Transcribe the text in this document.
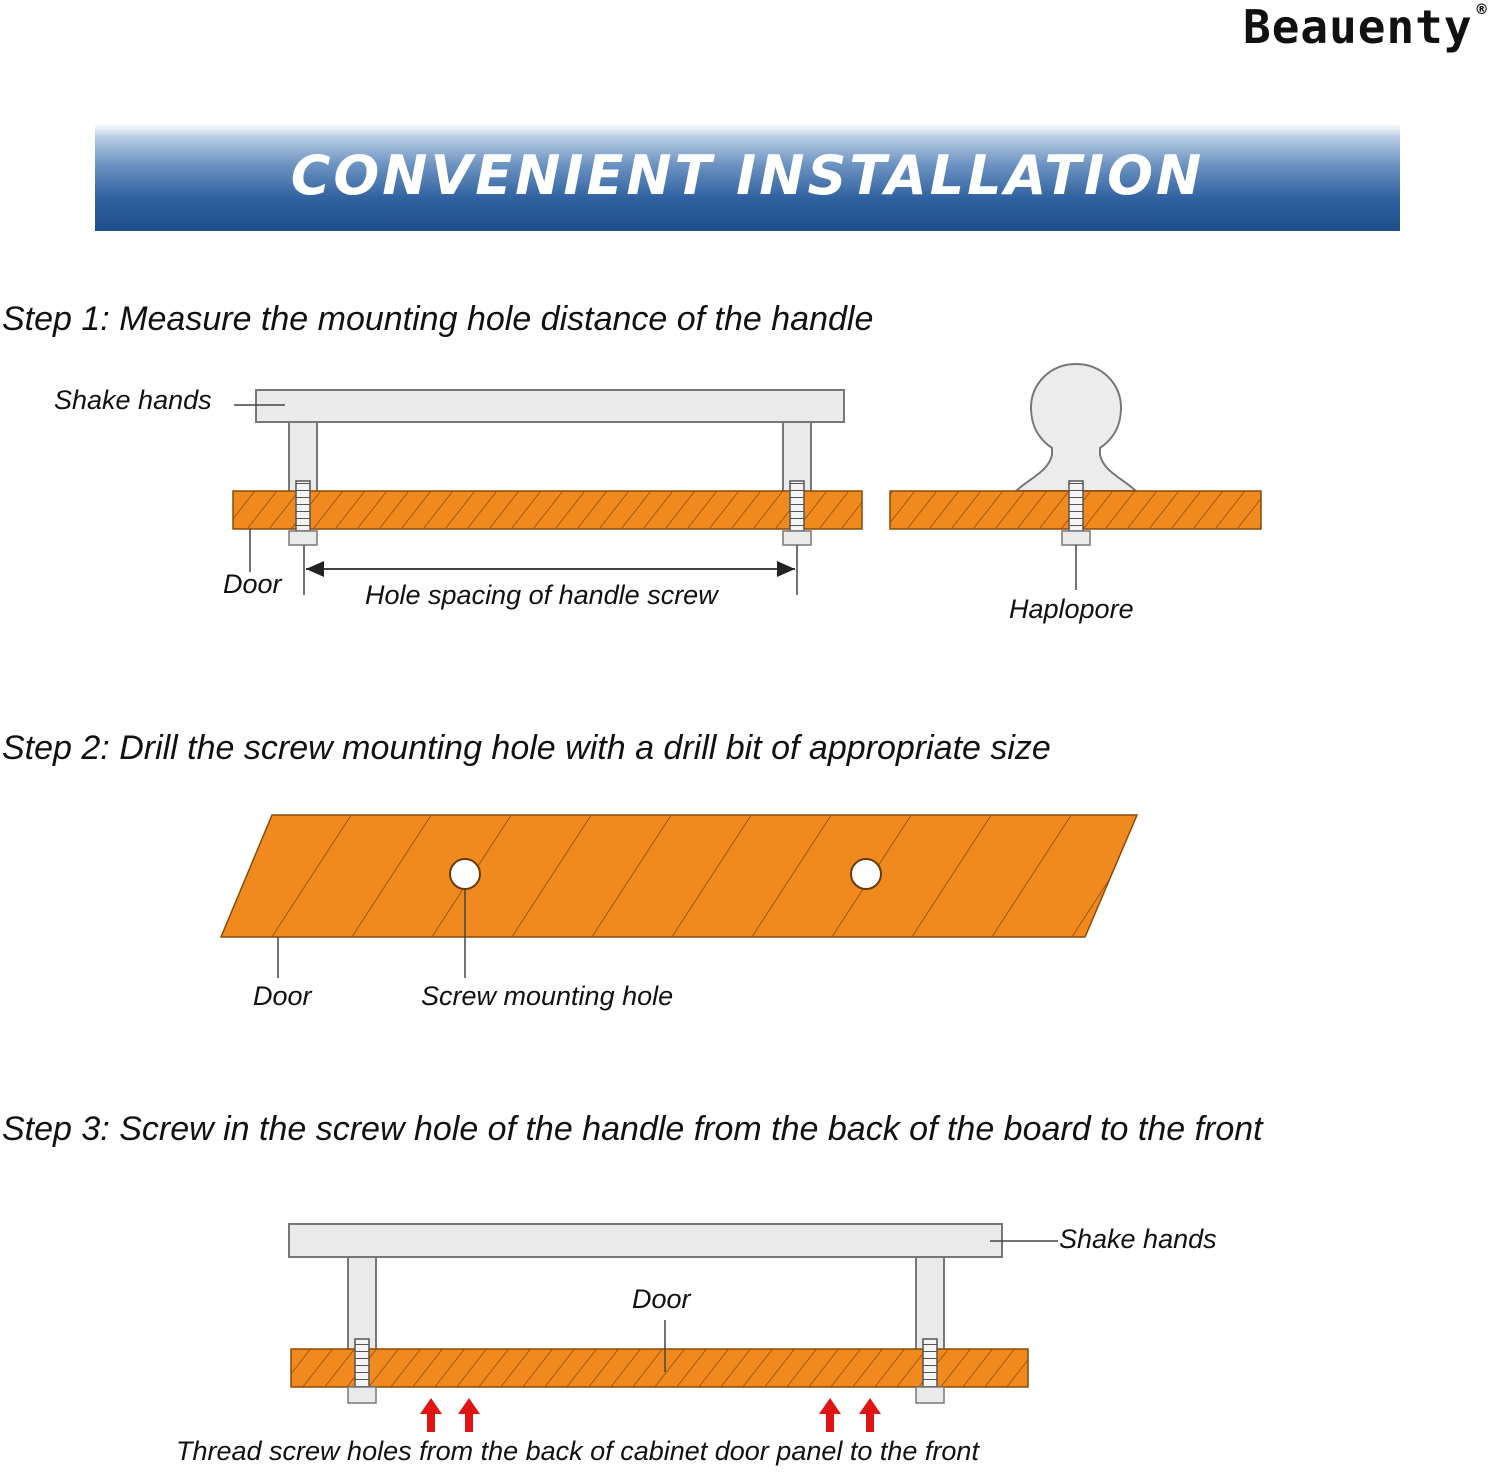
Beauenty ®
CONVENIENT INSTALLATION
Step 1: Measure the mounting hole distance of the handle
Step 2: Drill the screw mounting hole with a drill bit of appropriate size
Step 3: Screw in the screw hole of the handle from the back of the board to the front
Shake hands
Door	Hole spacing of handle screw	Haplopore
Door	Screw mounting hole
Shake hands
Door
Thread screw holes from the back of cabinet door panel to the front
